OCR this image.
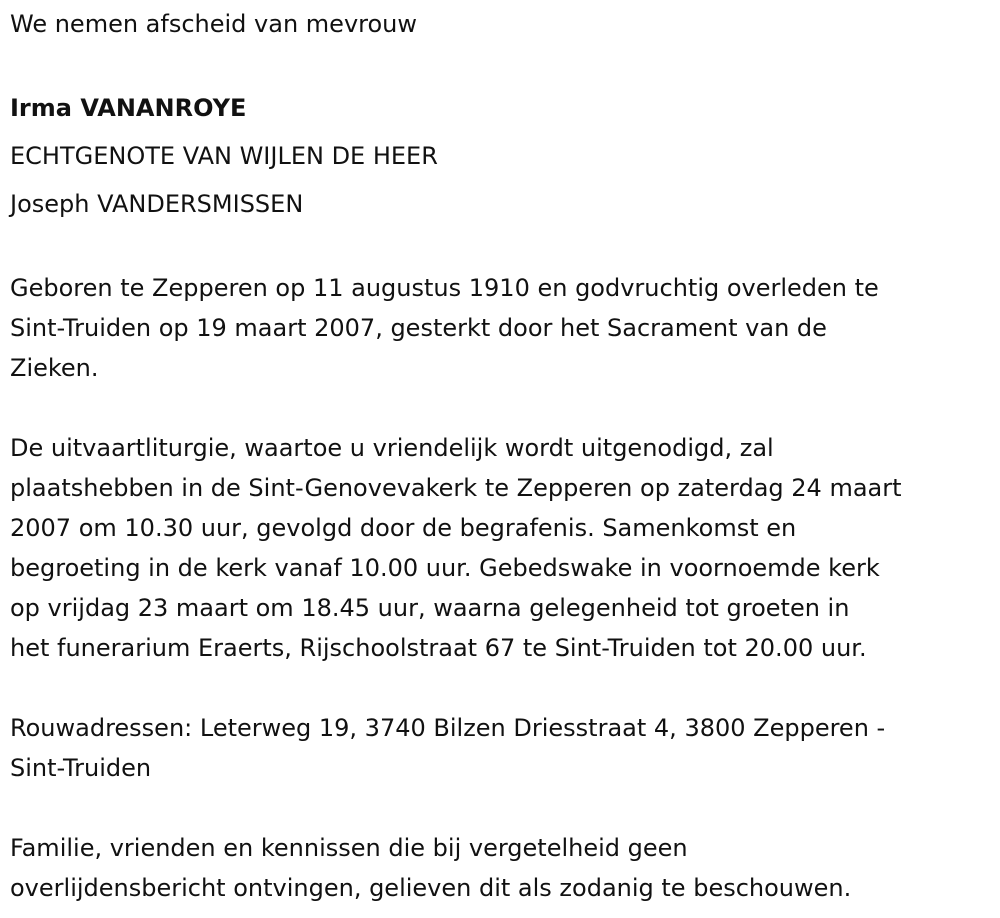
We nemen afscheid van mevrouw

Irma VANANROYE

ECHTGENOTE VAN WIJLEN DE HEER

Joseph VANDERSMISSEN

Geboren te Zepperen op 11 augustus 1910 en godvruchtig overleden te

Sint-Truiden op 19 maart 2007, gesterkt door het Sacrament van de

Zieken.

De uitvaartliturgie, waartoe u vriendelijk wordt uitgenodigd, zal

plaatshebben in de Sint-Genovevakerk te Zepperen op zaterdag 24 maart

2007 om 10.30 uur, gevolgd door de begrafenis. Samenkomst en

begroeting in de kerk vanaf 10.00 uur. Gebedswake in voornoemde kerk

op vrijdag 23 maart om 18.45 uur, waarna gelegenheid tot groeten in

het funerarium Eraerts, Rijschoolstraat 67 te Sint-Truiden tot 20.00 uur.

Rouwadressen: Leterweg 19, 3740 Bilzen Driesstraat 4, 3800 Zepperen -

Sint-Truiden

Familie, vrienden en kennissen die bij vergetelheid geen

overlijdensbericht ontvingen, gelieven dit als zodanig te beschouwen.
